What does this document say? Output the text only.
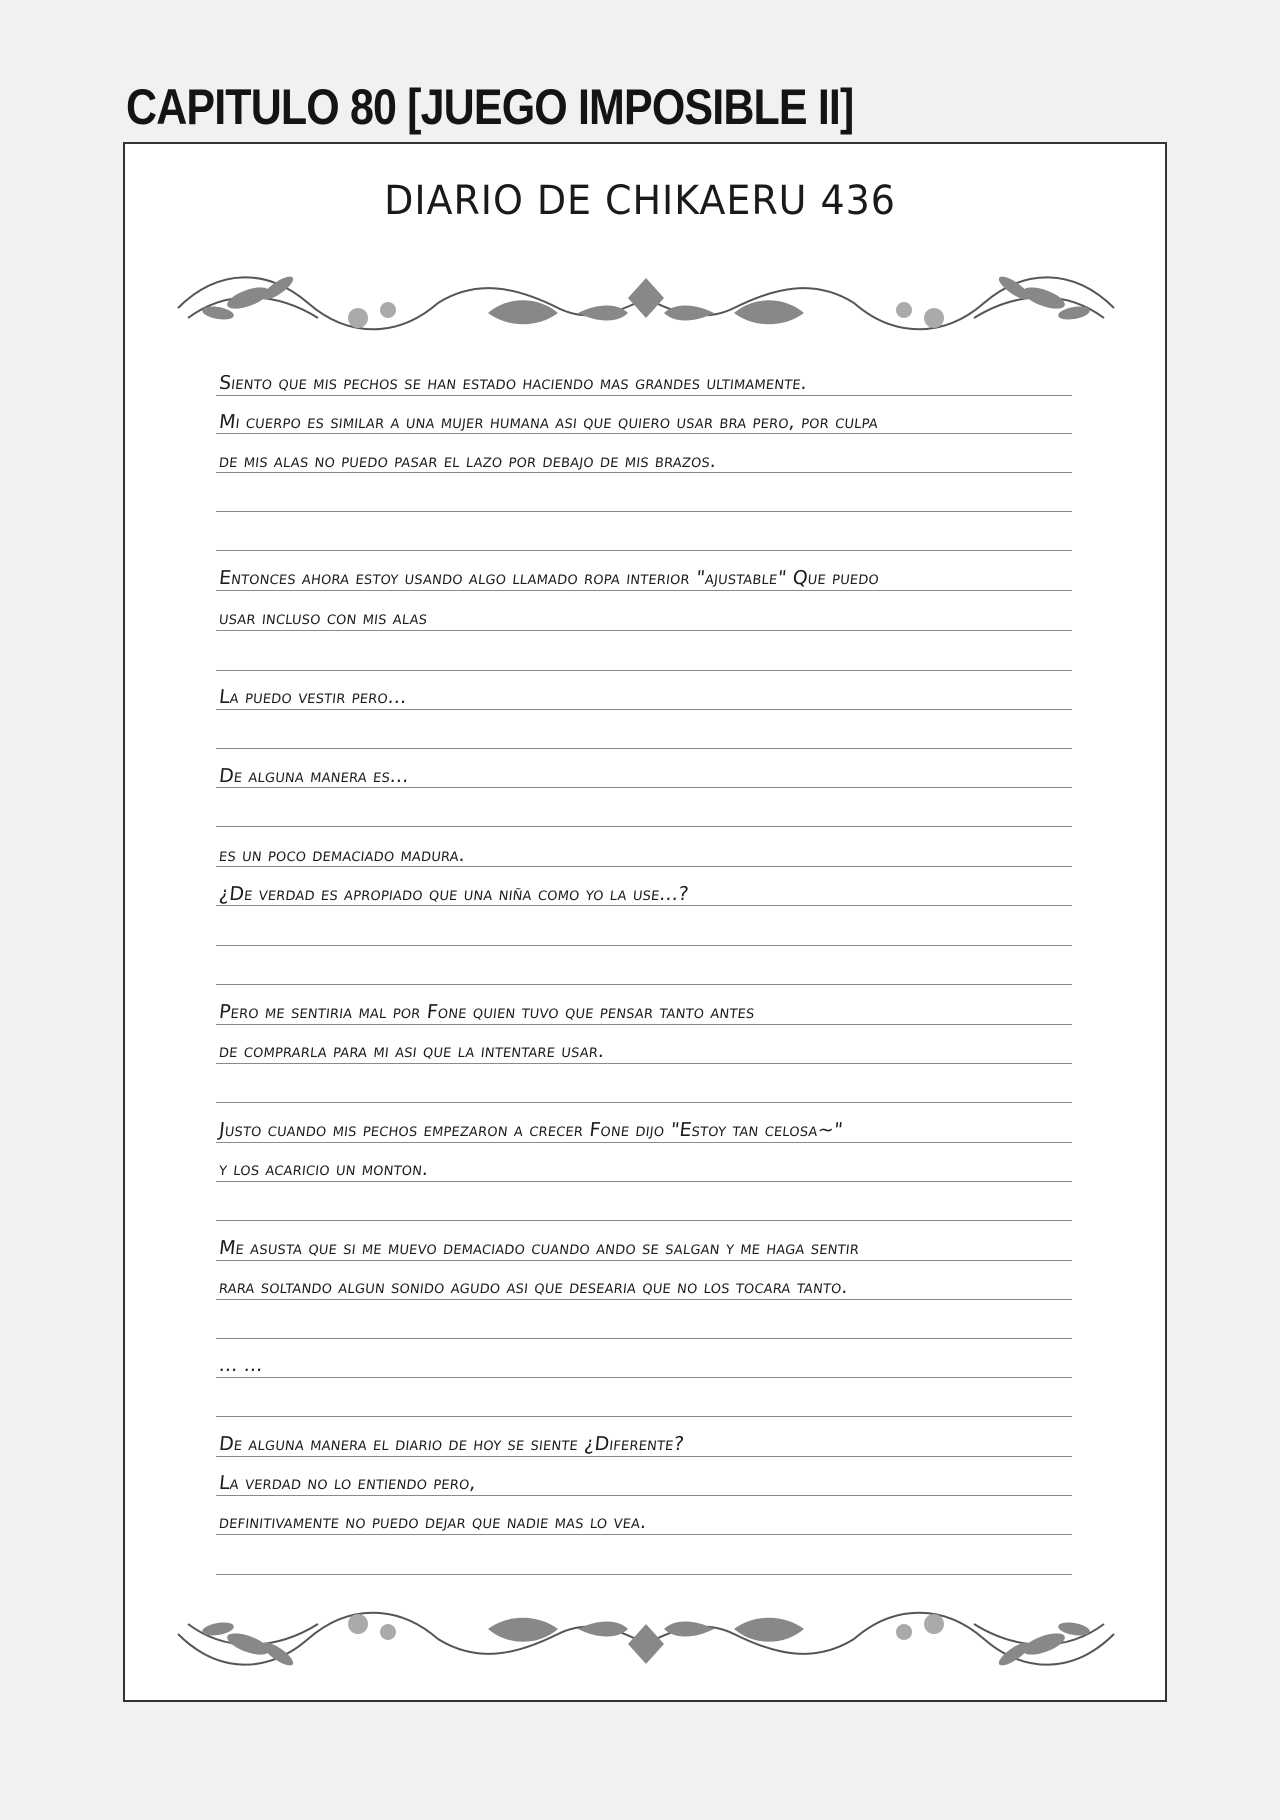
CAPITULO 80 [JUEGO IMPOSIBLE II]
DIARIO DE CHIKAERU 436
Siento que mis pechos se han estado haciendo mas grandes ultimamente.
Mi cuerpo es similar a una mujer humana asi que quiero usar bra pero, por culpa
de mis alas no puedo pasar el lazo por debajo de mis brazos.
Entonces ahora estoy usando algo llamado ropa interior "ajustable" Que puedo
usar incluso con mis alas
La puedo vestir pero...
De alguna manera es...
es un poco demaciado madura.
¿De verdad es apropiado que una niña como yo la use...?
Pero me sentiria mal por Fone quien tuvo que pensar tanto antes
de comprarla para mi asi que la intentare usar.
Justo cuando mis pechos empezaron a crecer Fone dijo "Estoy tan celosa~"
y los acaricio un monton.
Me asusta que si me muevo demaciado cuando ando se salgan y me haga sentir
rara soltando algun sonido agudo asi que desearia que no los tocara tanto.
... ...
De alguna manera el diario de hoy se siente ¿Diferente?
La verdad no lo entiendo pero,
definitivamente no puedo dejar que nadie mas lo vea.
